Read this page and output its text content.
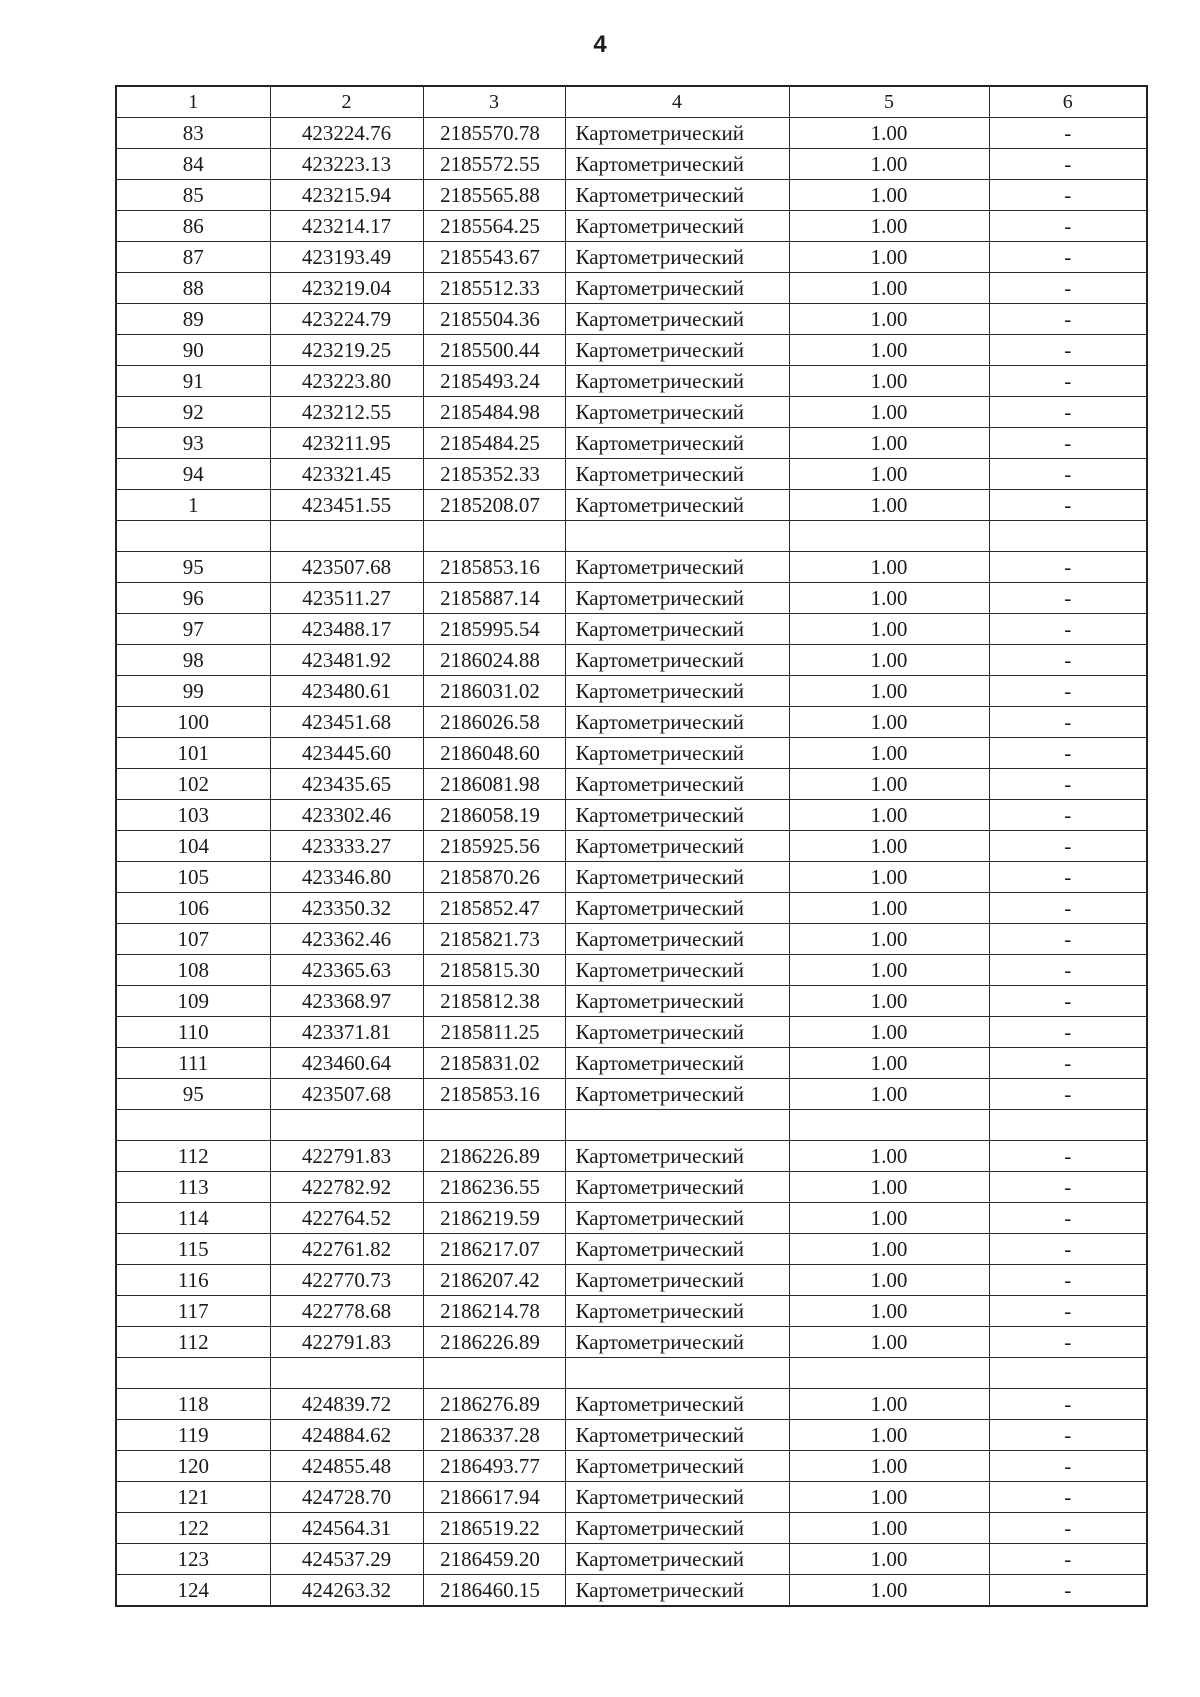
4
1	2	3	4	5	6
83	423224.76	2185570.78	Картометрический	1.00	-
84	423223.13	2185572.55	Картометрический	1.00	-
85	423215.94	2185565.88	Картометрический	1.00	-
86	423214.17	2185564.25	Картометрический	1.00	-
87	423193.49	2185543.67	Картометрический	1.00	-
88	423219.04	2185512.33	Картометрический	1.00	-
89	423224.79	2185504.36	Картометрический	1.00	-
90	423219.25	2185500.44	Картометрический	1.00	-
91	423223.80	2185493.24	Картометрический	1.00	-
92	423212.55	2185484.98	Картометрический	1.00	-
93	423211.95	2185484.25	Картометрический	1.00	-
94	423321.45	2185352.33	Картометрический	1.00	-
1	423451.55	2185208.07	Картометрический	1.00	-

95	423507.68	2185853.16	Картометрический	1.00	-
96	423511.27	2185887.14	Картометрический	1.00	-
97	423488.17	2185995.54	Картометрический	1.00	-
98	423481.92	2186024.88	Картометрический	1.00	-
99	423480.61	2186031.02	Картометрический	1.00	-
100	423451.68	2186026.58	Картометрический	1.00	-
101	423445.60	2186048.60	Картометрический	1.00	-
102	423435.65	2186081.98	Картометрический	1.00	-
103	423302.46	2186058.19	Картометрический	1.00	-
104	423333.27	2185925.56	Картометрический	1.00	-
105	423346.80	2185870.26	Картометрический	1.00	-
106	423350.32	2185852.47	Картометрический	1.00	-
107	423362.46	2185821.73	Картометрический	1.00	-
108	423365.63	2185815.30	Картометрический	1.00	-
109	423368.97	2185812.38	Картометрический	1.00	-
110	423371.81	2185811.25	Картометрический	1.00	-
111	423460.64	2185831.02	Картометрический	1.00	-
95	423507.68	2185853.16	Картометрический	1.00	-

112	422791.83	2186226.89	Картометрический	1.00	-
113	422782.92	2186236.55	Картометрический	1.00	-
114	422764.52	2186219.59	Картометрический	1.00	-
115	422761.82	2186217.07	Картометрический	1.00	-
116	422770.73	2186207.42	Картометрический	1.00	-
117	422778.68	2186214.78	Картометрический	1.00	-
112	422791.83	2186226.89	Картометрический	1.00	-

118	424839.72	2186276.89	Картометрический	1.00	-
119	424884.62	2186337.28	Картометрический	1.00	-
120	424855.48	2186493.77	Картометрический	1.00	-
121	424728.70	2186617.94	Картометрический	1.00	-
122	424564.31	2186519.22	Картометрический	1.00	-
123	424537.29	2186459.20	Картометрический	1.00	-
124	424263.32	2186460.15	Картометрический	1.00	-
